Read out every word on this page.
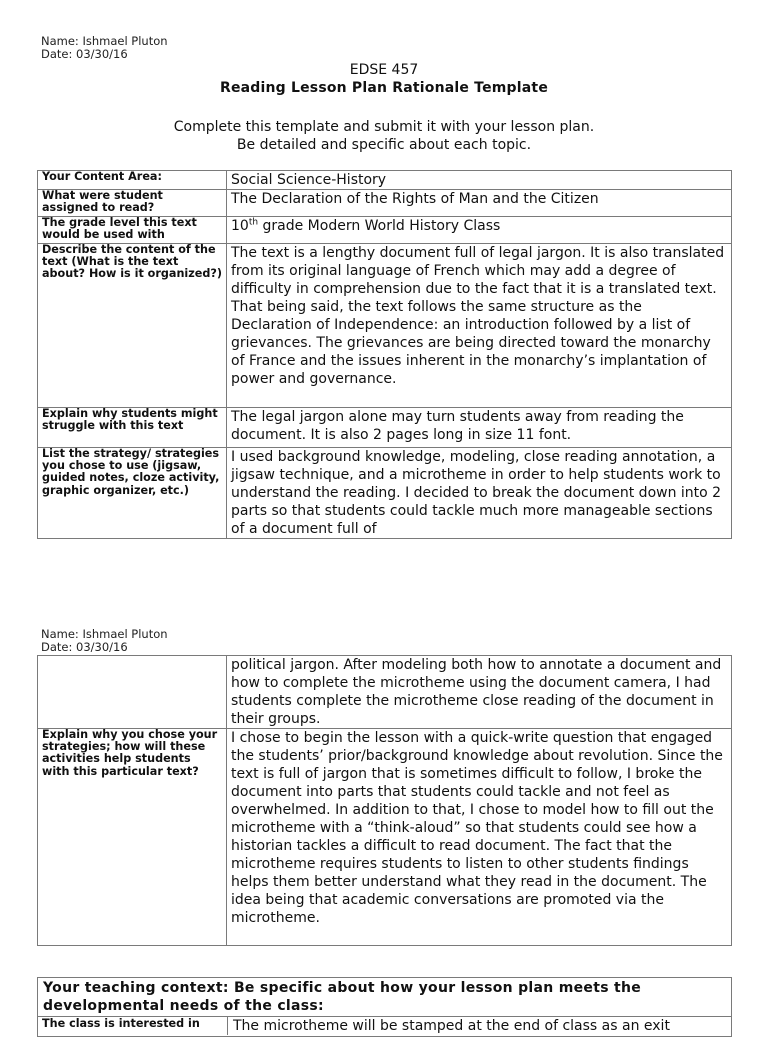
Name: Ishmael Pluton
Date: 03/30/16
EDSE 457
Reading Lesson Plan Rationale Template
Complete this template and submit it with your lesson plan.
Be detailed and specific about each topic.
Your Content Area:	Social Science-History
What were student assigned to read?	The Declaration of the Rights of Man and the Citizen
The grade level this text would be used with	10th grade Modern World History Class
Describe the content of the text (What is the text about? How is it organized?)	The text is a lengthy document full of legal jargon. It is also translated from its original language of French which may add a degree of difficulty in comprehension due to the fact that it is a translated text. That being said, the text follows the same structure as the Declaration of Independence: an introduction followed by a list of grievances. The grievances are being directed toward the monarchy of France and the issues inherent in the monarchy’s implantation of power and governance.
Explain why students might struggle with this text	The legal jargon alone may turn students away from reading the document. It is also 2 pages long in size 11 font.
List the strategy/ strategies you chose to use (jigsaw, guided notes, cloze activity, graphic organizer, etc.)	I used background knowledge, modeling, close reading annotation, a jigsaw technique, and a microtheme in order to help students work to understand the reading. I decided to break the document down into 2 parts so that students could tackle much more manageable sections of a document full of
Name: Ishmael Pluton
Date: 03/30/16
	political jargon. After modeling both how to annotate a document and how to complete the microtheme using the document camera, I had students complete the microtheme close reading of the document in their groups.
Explain why you chose your strategies; how will these activities help students with this particular text?	I chose to begin the lesson with a quick-write question that engaged the students’ prior/background knowledge about revolution. Since the text is full of jargon that is sometimes difficult to follow, I broke the document into parts that students could tackle and not feel as overwhelmed. In addition to that, I chose to model how to fill out the microtheme with a “think-aloud” so that students could see how a historian tackles a difficult to read document. The fact that the microtheme requires students to listen to other students findings helps them better understand what they read in the document. The idea being that academic conversations are promoted via the microtheme.
Your teaching context: Be specific about how your lesson plan meets the developmental needs of the class:
The class is interested in	The microtheme will be stamped at the end of class as an exit
